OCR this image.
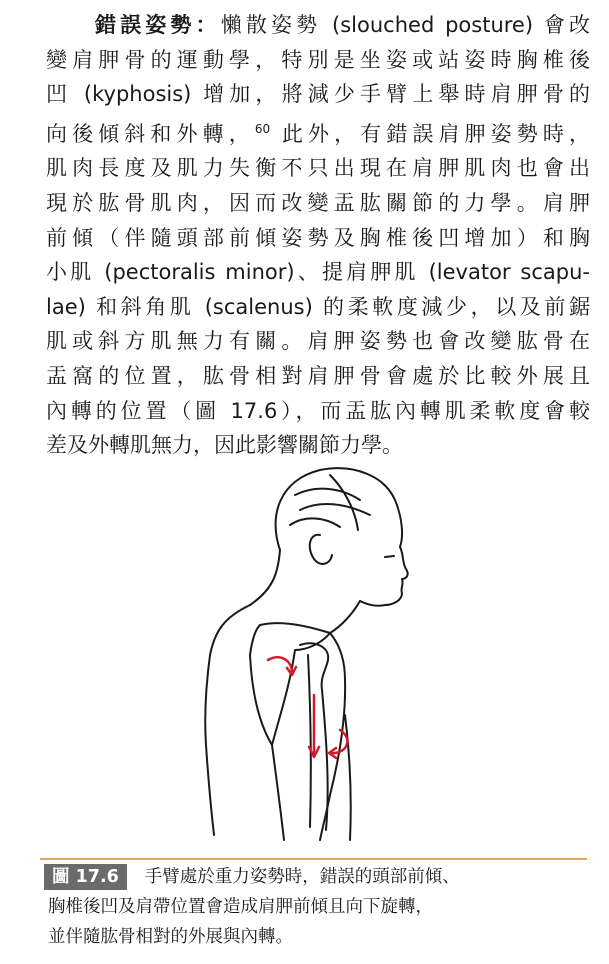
錯誤姿勢：懶散姿勢 (slouched posture) 會改
變肩胛骨的運動學，特別是坐姿或站姿時胸椎後
凹 (kyphosis) 增加，將減少手臂上舉時肩胛骨的
向後傾斜和外轉，$^{60}$ 此外，有錯誤肩胛姿勢時，
肌肉長度及肌力失衡不只出現在肩胛肌肉也會出
現於肱骨肌肉，因而改變盂肱關節的力學。肩胛
前傾（伴隨頭部前傾姿勢及胸椎後凹增加）和胸
小肌 (pectoralis minor)、提肩胛肌 (levator scapu-
lae) 和斜角肌 (scalenus) 的柔軟度減少，以及前鋸
肌或斜方肌無力有關。肩胛姿勢也會改變肱骨在
盂窩的位置，肱骨相對肩胛骨會處於比較外展且
內轉的位置（圖 17.6），而盂肱內轉肌柔軟度會較
差及外轉肌無力，因此影響關節力學。
圖 17.6 手臂處於重力姿勢時，錯誤的頭部前傾、
胸椎後凹及肩帶位置會造成肩胛前傾且向下旋轉，
並伴隨肱骨相對的外展與內轉。
